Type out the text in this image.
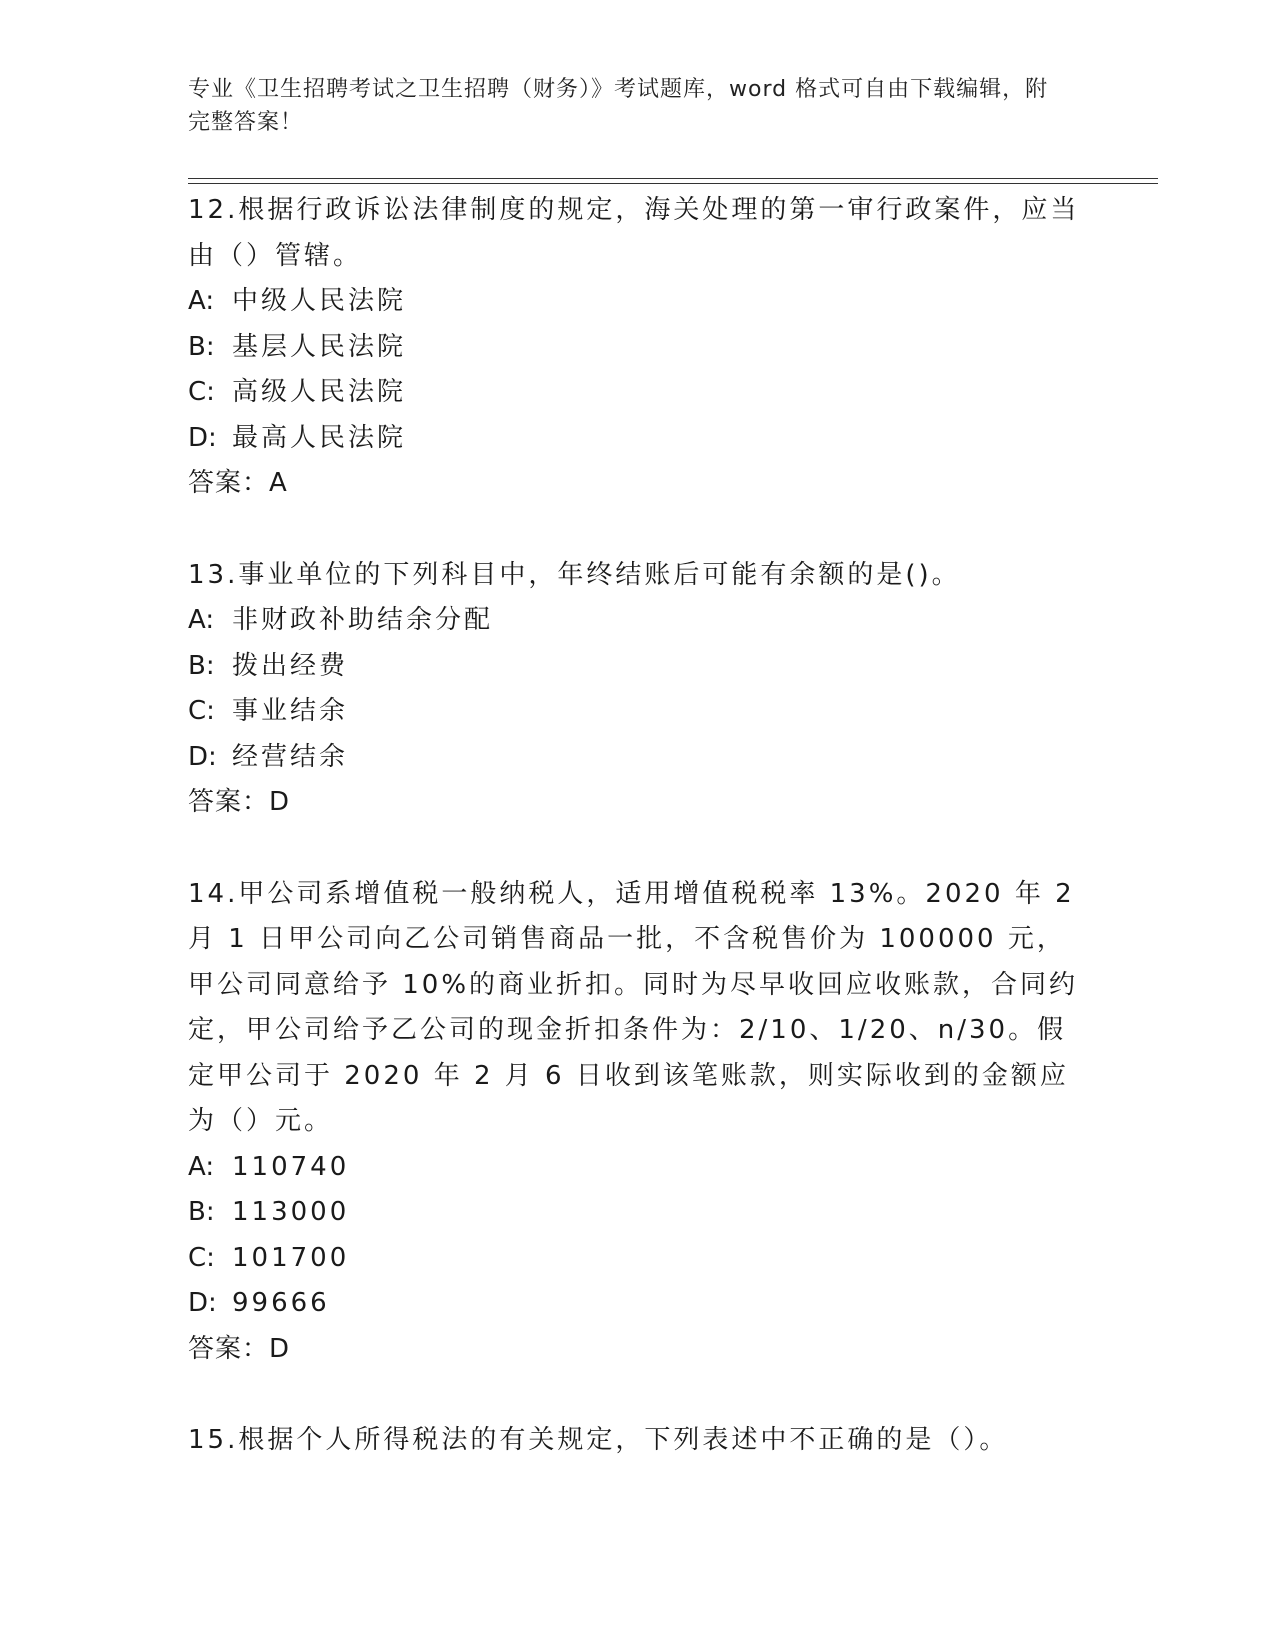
专业《卫生招聘考试之卫生招聘（财务）》考试题库，word 格式可自由下载编辑，附完整答案！

12.根据行政诉讼法律制度的规定，海关处理的第一审行政案件，应当由（）管辖。

A: 中级人民法院

B: 基层人民法院

C: 高级人民法院

D: 最高人民法院

答案：A

13.事业单位的下列科目中，年终结账后可能有余额的是()。

A: 非财政补助结余分配

B: 拨出经费

C: 事业结余

D: 经营结余

答案：D

14.甲公司系增值税一般纳税人，适用增值税税率 13%。2020 年 2 月 1 日甲公司向乙公司销售商品一批，不含税售价为 100000 元，甲公司同意给予 10%的商业折扣。同时为尽早收回应收账款，合同约定，甲公司给予乙公司的现金折扣条件为：2/10、1/20、n/30。假定甲公司于 2020 年 2 月 6 日收到该笔账款，则实际收到的金额应为（）元。

A: 110740

B: 113000

C: 101700

D: 99666

答案：D

15.根据个人所得税法的有关规定，下列表述中不正确的是（）。
